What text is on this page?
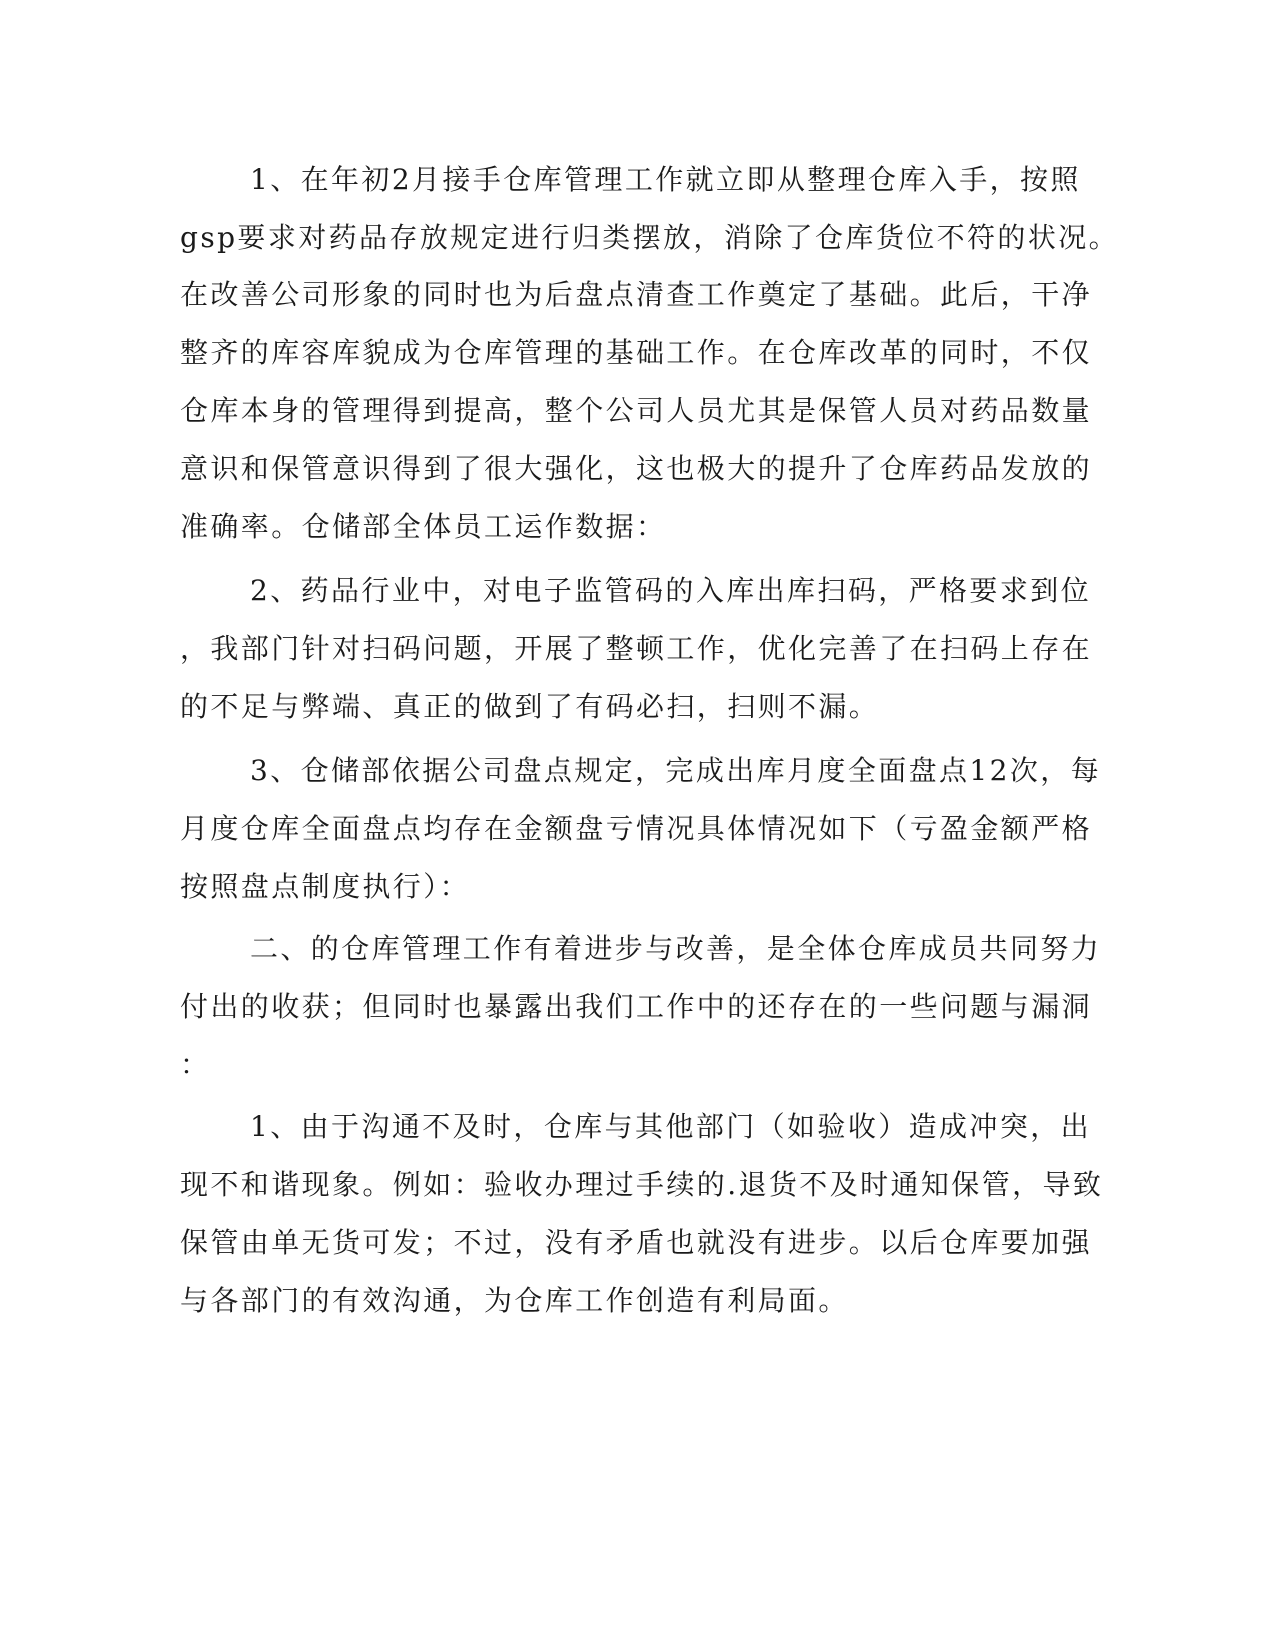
1、在年初2月接手仓库管理工作就立即从整理仓库入手，按照
gsp要求对药品存放规定进行归类摆放，消除了仓库货位不符的状况。
在改善公司形象的同时也为后盘点清查工作奠定了基础。此后，干净
整齐的库容库貌成为仓库管理的基础工作。在仓库改革的同时，不仅
仓库本身的管理得到提高，整个公司人员尤其是保管人员对药品数量
意识和保管意识得到了很大强化，这也极大的提升了仓库药品发放的
准确率。仓储部全体员工运作数据：
2、药品行业中，对电子监管码的入库出库扫码，严格要求到位
，我部门针对扫码问题，开展了整顿工作，优化完善了在扫码上存在
的不足与弊端、真正的做到了有码必扫，扫则不漏。
3、仓储部依据公司盘点规定，完成出库月度全面盘点12次，每
月度仓库全面盘点均存在金额盘亏情况具体情况如下（亏盈金额严格
按照盘点制度执行）：
二、的仓库管理工作有着进步与改善，是全体仓库成员共同努力
付出的收获；但同时也暴露出我们工作中的还存在的一些问题与漏洞
：
1、由于沟通不及时，仓库与其他部门（如验收）造成冲突，出
现不和谐现象。例如：验收办理过手续的.退货不及时通知保管，导致
保管由单无货可发；不过，没有矛盾也就没有进步。以后仓库要加强
与各部门的有效沟通，为仓库工作创造有利局面。
